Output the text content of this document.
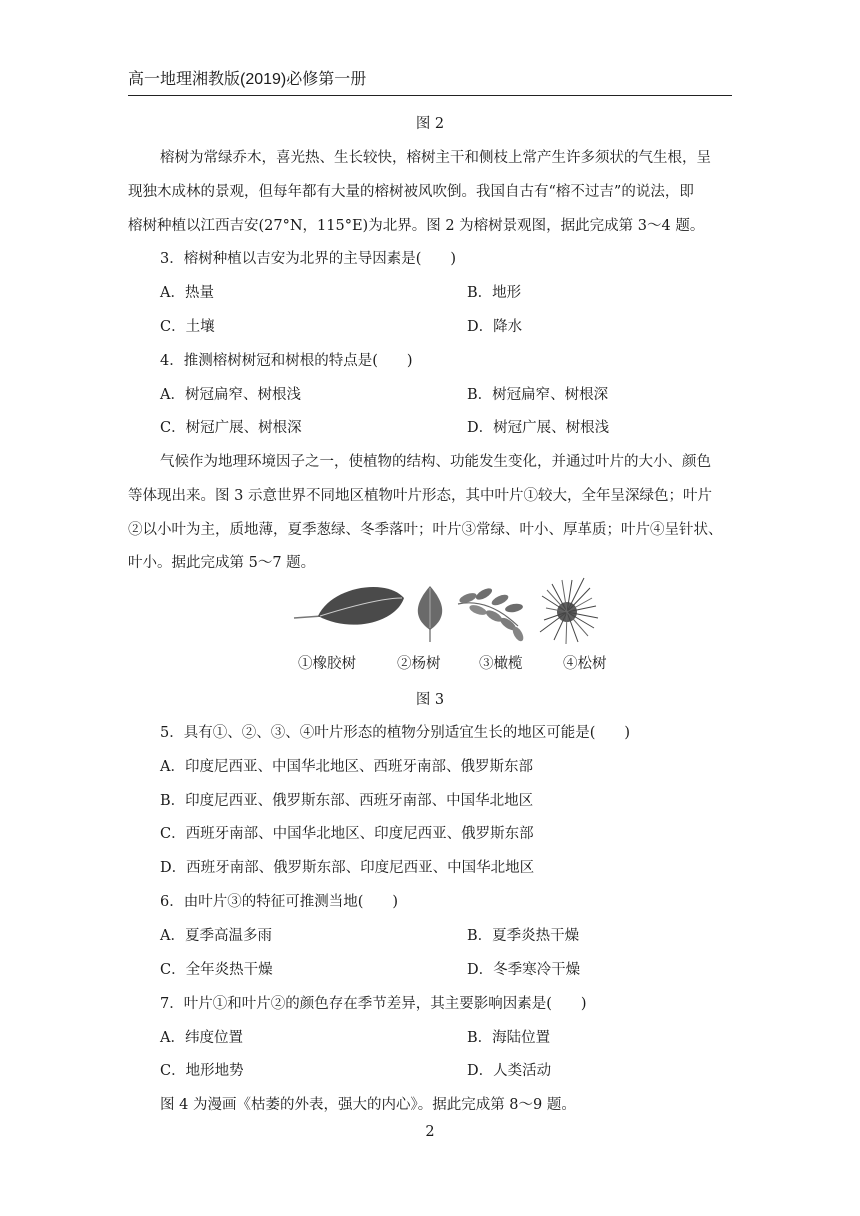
高一地理湘教版(2019)必修第一册
图 2
榕树为常绿乔木，喜光热、生长较快，榕树主干和侧枝上常产生许多须状的气生根，呈
现独木成林的景观，但每年都有大量的榕树被风吹倒。我国自古有“榕不过吉”的说法，即
榕树种植以江西吉安(27°N，115°E)为北界。图 2 为榕树景观图，据此完成第 3～4 题。
3．榕树种植以吉安为北界的主导因素是(　　)
A．热量	B．地形
C．土壤	D．降水
4．推测榕树树冠和树根的特点是(　　)
A．树冠扁窄、树根浅	B．树冠扁窄、树根深
C．树冠广展、树根深	D．树冠广展、树根浅
气候作为地理环境因子之一，使植物的结构、功能发生变化，并通过叶片的大小、颜色
等体现出来。图 3 示意世界不同地区植物叶片形态，其中叶片①较大，全年呈深绿色；叶片
②以小叶为主，质地薄，夏季葱绿、冬季落叶；叶片③常绿、叶小、厚革质；叶片④呈针状、
叶小。据此完成第 5～7 题。
①橡胶树	②杨树	③橄榄	④松树
图 3
5．具有①、②、③、④叶片形态的植物分别适宜生长的地区可能是(　　)
A．印度尼西亚、中国华北地区、西班牙南部、俄罗斯东部
B．印度尼西亚、俄罗斯东部、西班牙南部、中国华北地区
C．西班牙南部、中国华北地区、印度尼西亚、俄罗斯东部
D．西班牙南部、俄罗斯东部、印度尼西亚、中国华北地区
6．由叶片③的特征可推测当地(　　)
A．夏季高温多雨	B．夏季炎热干燥
C．全年炎热干燥	D．冬季寒冷干燥
7．叶片①和叶片②的颜色存在季节差异，其主要影响因素是(　　)
A．纬度位置	B．海陆位置
C．地形地势	D．人类活动
图 4 为漫画《枯萎的外表，强大的内心》。据此完成第 8～9 题。
2
